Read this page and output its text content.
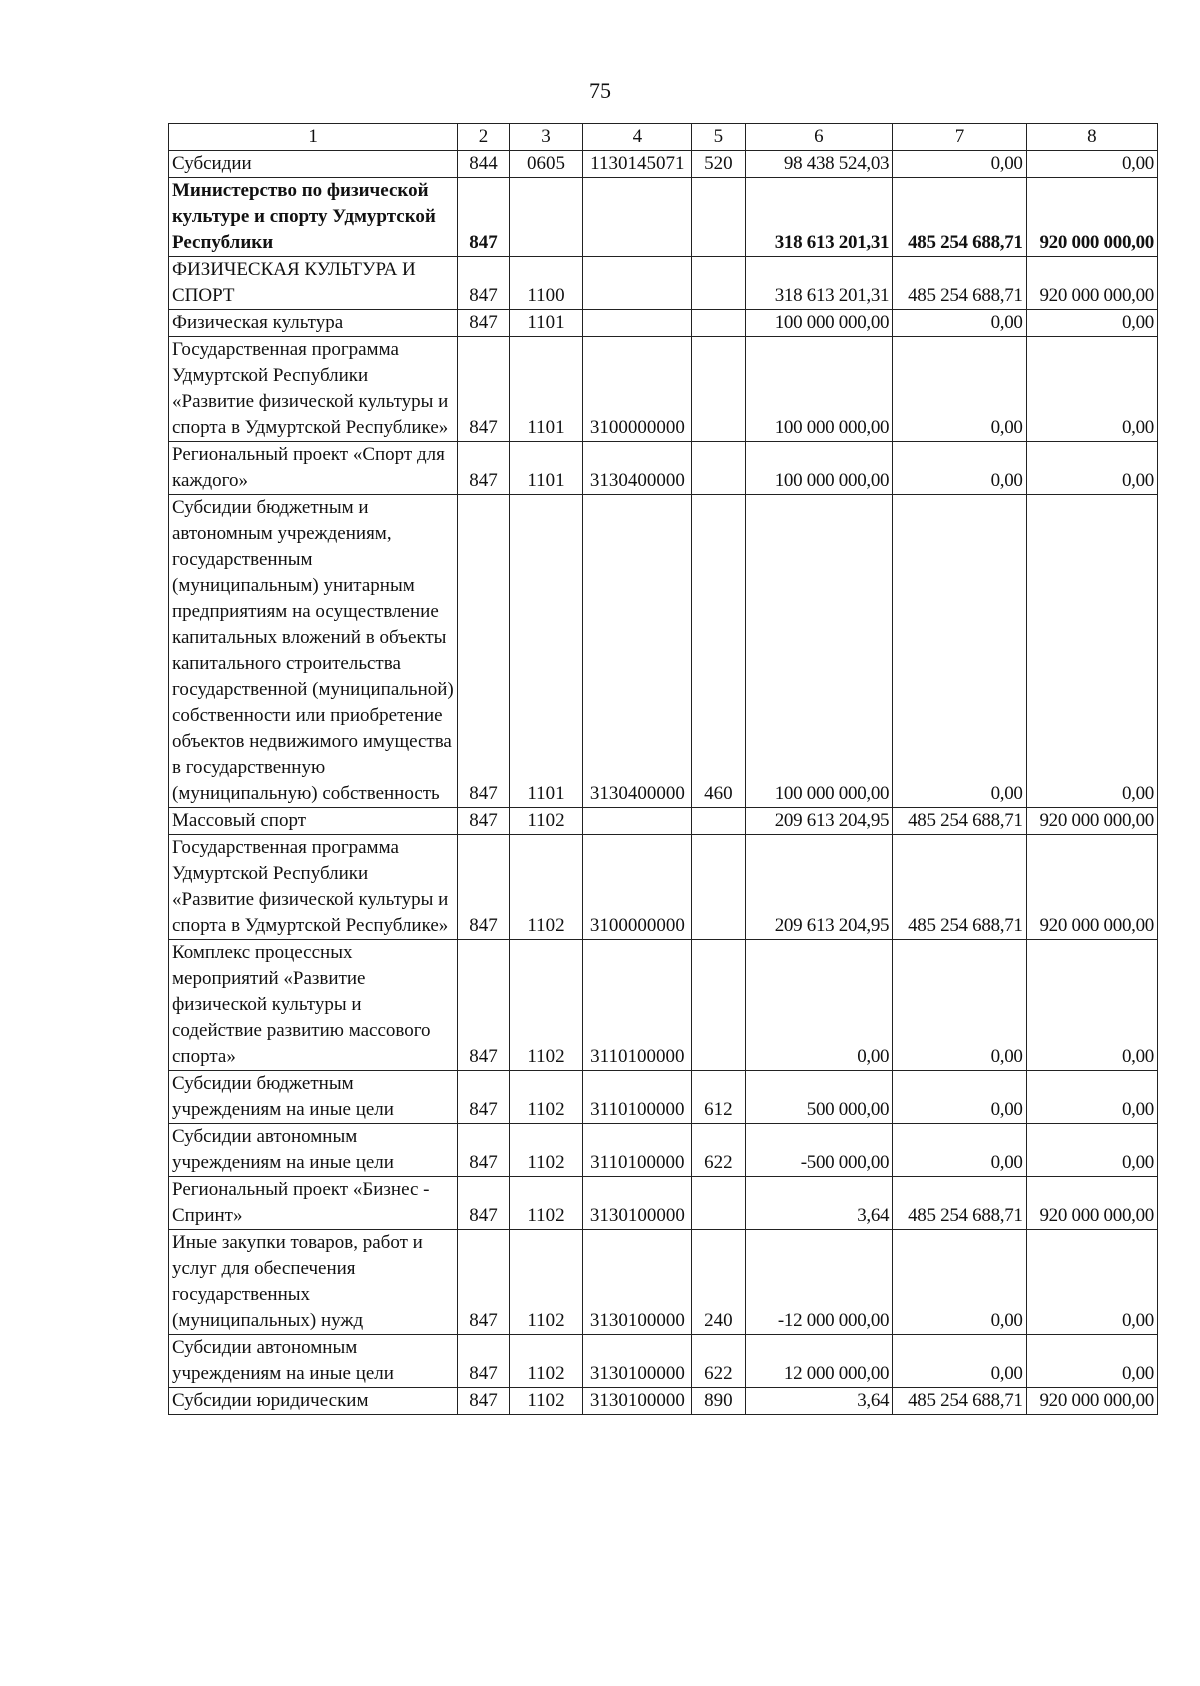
75
1	2	3	4	5	6	7	8
Субсидии	844	0605	1130145071	520	98 438 524,03	0,00	0,00
Министерство по физической культуре и спорту Удмуртской Республики	847				318 613 201,31	485 254 688,71	920 000 000,00
ФИЗИЧЕСКАЯ КУЛЬТУРА И СПОРТ	847	1100			318 613 201,31	485 254 688,71	920 000 000,00
Физическая культура	847	1101			100 000 000,00	0,00	0,00
Государственная программа Удмуртской Республики «Развитие физической культуры и спорта в Удмуртской Республике»	847	1101	3100000000		100 000 000,00	0,00	0,00
Региональный проект «Спорт для каждого»	847	1101	3130400000		100 000 000,00	0,00	0,00
Субсидии бюджетным и автономным учреждениям, государственным (муниципальным) унитарным предприятиям на осуществление капитальных вложений в объекты капитального строительства государственной (муниципальной) собственности или приобретение объектов недвижимого имущества в государственную (муниципальную) собственность	847	1101	3130400000	460	100 000 000,00	0,00	0,00
Массовый спорт	847	1102			209 613 204,95	485 254 688,71	920 000 000,00
Государственная программа Удмуртской Республики «Развитие физической культуры и спорта в Удмуртской Республике»	847	1102	3100000000		209 613 204,95	485 254 688,71	920 000 000,00
Комплекс процессных мероприятий «Развитие физической культуры и содействие развитию массового спорта»	847	1102	3110100000		0,00	0,00	0,00
Субсидии бюджетным учреждениям на иные цели	847	1102	3110100000	612	500 000,00	0,00	0,00
Субсидии автономным учреждениям на иные цели	847	1102	3110100000	622	-500 000,00	0,00	0,00
Региональный проект «Бизнес - Спринт»	847	1102	3130100000		3,64	485 254 688,71	920 000 000,00
Иные закупки товаров, работ и услуг для обеспечения государственных (муниципальных) нужд	847	1102	3130100000	240	-12 000 000,00	0,00	0,00
Субсидии автономным учреждениям на иные цели	847	1102	3130100000	622	12 000 000,00	0,00	0,00
Субсидии юридическим	847	1102	3130100000	890	3,64	485 254 688,71	920 000 000,00
